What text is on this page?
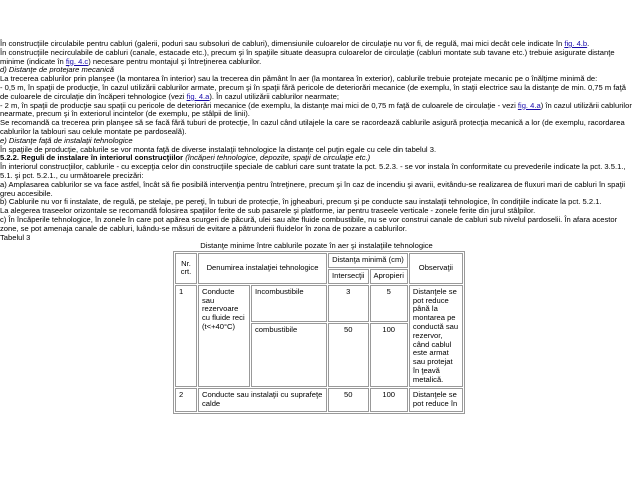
În construcţiile circulabile pentru cabluri (galerii, poduri sau subsoluri de cabluri), dimensiunile culoarelor de circulaţie nu vor fi, de regulă, mai mici decât cele indicate în fig. 4.b.

În construcţiile necirculabile de cabluri (canale, estacade etc.), precum şi în spaţiile situate deasupra culoarelor de circulaţie (cabluri montate sub tavane etc.) trebuie asigurate distanţe minime (indicate în fig. 4.c) necesare pentru montajul şi întreţinerea cablurilor.

d) Distanţe de protejare mecanică

La trecerea cablurilor prin planşee (la montarea în interior) sau la trecerea din pământ în aer (la montarea în exterior), cablurile trebuie protejate mecanic pe o înălţime minimă de:

- 0,5 m, în spaţii de producţie, în cazul utilizării cablurilor armate, precum şi în spaţii fără pericole de deteriorări mecanice (de exemplu, în staţii electrice sau la distanţe de min. 0,75 m faţă de culoarele de circulaţie din încăperi tehnologice (vezi fig. 4.a). În cazul utilizării cablurilor nearmate;

- 2 m, în spaţii de producţie sau spaţii cu pericole de deteriorări mecanice (de exemplu, la distanţe mai mici de 0,75 m faţă de culoarele de circulaţie - vezi fig. 4.a) în cazul utilizării cablurilor nearmate, precum şi în exteriorul incintelor (de exemplu, pe stâlpii de linii).

Se recomandă ca trecerea prin planşee să se facă fără tuburi de protecţie, în cazul când utilajele la care se racordează cablurile asigură protecţia mecanică a lor (de exemplu, racordarea cablurilor la tablouri sau celule montate pe pardoseală).

e) Distanţe faţă de instalaţii tehnologice

În spaţiile de producţie, cablurile se vor monta faţă de diverse instalaţii tehnologice la distanţe cel puţin egale cu cele din tabelul 3.

5.2.2. Reguli de instalare în interiorul construcţiilor (încăperi tehnologice, depozite, spaţii de circulaţie etc.)

În interiorul construcţiilor, cablurile - cu excepţia celor din construcţiile speciale de cabluri care sunt tratate la pct. 5.2.3. - se vor instala în conformitate cu prevederile indicate la pct. 3.5.1., 5.1. şi pct. 5.2.1., cu următoarele precizări:

a) Amplasarea cablurilor se va face astfel, încât să fie posibilă intervenţia pentru întreţinere, precum şi în caz de incendiu şi avarii, evitându-se realizarea de fluxuri mari de cabluri în spaţii greu accesibile.

b) Cablurile nu vor fi instalate, de regulă, pe stelaje, pe pereţi, în tuburi de protecţie, în jgheaburi, precum şi pe conducte sau instalaţii tehnologice, în condiţiile indicate la pct. 5.2.1.

La alegerea traseelor orizontale se recomandă folosirea spaţiilor ferite de sub pasarele şi platforme, iar pentru traseele verticale - zonele ferite din jurul stâlpilor.

c) În încăperile tehnologice, în zonele în care pot apărea scurgeri de păcură, ulei sau alte fluide combustibile, nu se vor construi canale de cabluri sub nivelul pardoselii. În afara acestor zone, se pot amenaja canale de cabluri, luându-se măsuri de evitare a pătrunderii fluidelor în zona de pozare a cablurilor.

Tabelul 3

Distanţe minime între cablurile pozate în aer şi instalaţiile tehnologice

Nr. crt.	Denumirea instalaţiei tehnologice		Distanţa minimă (cm)		Observaţii
			Intersecţii	Apropieri	
1	Conducte sau rezervoare cu fluide reci (t<+40°C)	Incombustibile	3	5	Distanţele se pot reduce până la montarea pe conductă sau rezervor, când cablul este armat sau protejat în ţeavă metalică.
		combustibile	50	100	
2	Conducte sau instalaţii cu suprafeţe calde		50	100	Distanţele se pot reduce în
